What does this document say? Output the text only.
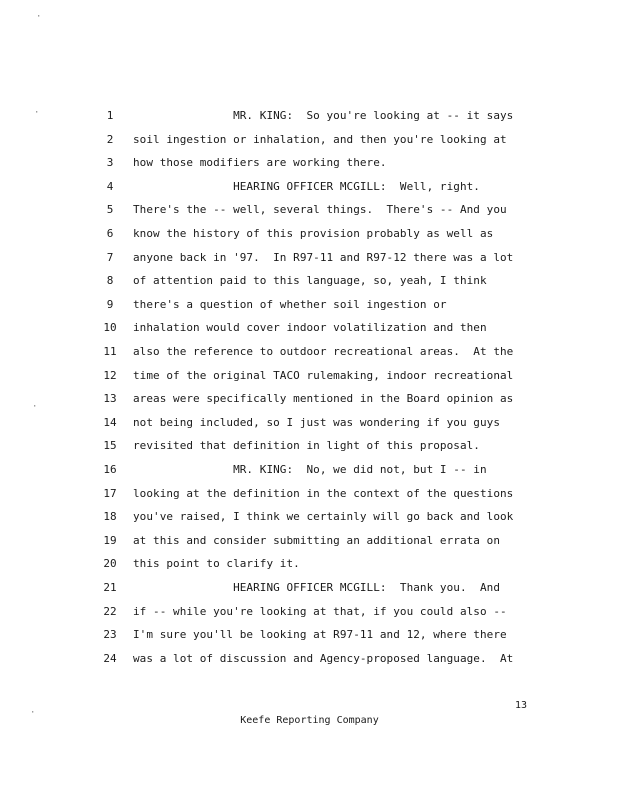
1	MR. KING:  So you're looking at -- it says
2	soil ingestion or inhalation, and then you're looking at
3	how those modifiers are working there.
4	HEARING OFFICER MCGILL:  Well, right.
5	There's the -- well, several things.  There's -- And you
6	know the history of this provision probably as well as
7	anyone back in '97.  In R97-11 and R97-12 there was a lot
8	of attention paid to this language, so, yeah, I think
9	there's a question of whether soil ingestion or
10	inhalation would cover indoor volatilization and then
11	also the reference to outdoor recreational areas.  At the
12	time of the original TACO rulemaking, indoor recreational
13	areas were specifically mentioned in the Board opinion as
14	not being included, so I just was wondering if you guys
15	revisited that definition in light of this proposal.
16	MR. KING:  No, we did not, but I -- in
17	looking at the definition in the context of the questions
18	you've raised, I think we certainly will go back and look
19	at this and consider submitting an additional errata on
20	this point to clarify it.
21	HEARING OFFICER MCGILL:  Thank you.  And
22	if -- while you're looking at that, if you could also --
23	I'm sure you'll be looking at R97-11 and 12, where there
24	was a lot of discussion and Agency-proposed language.  At
13
Keefe Reporting Company
·
·
·
·
